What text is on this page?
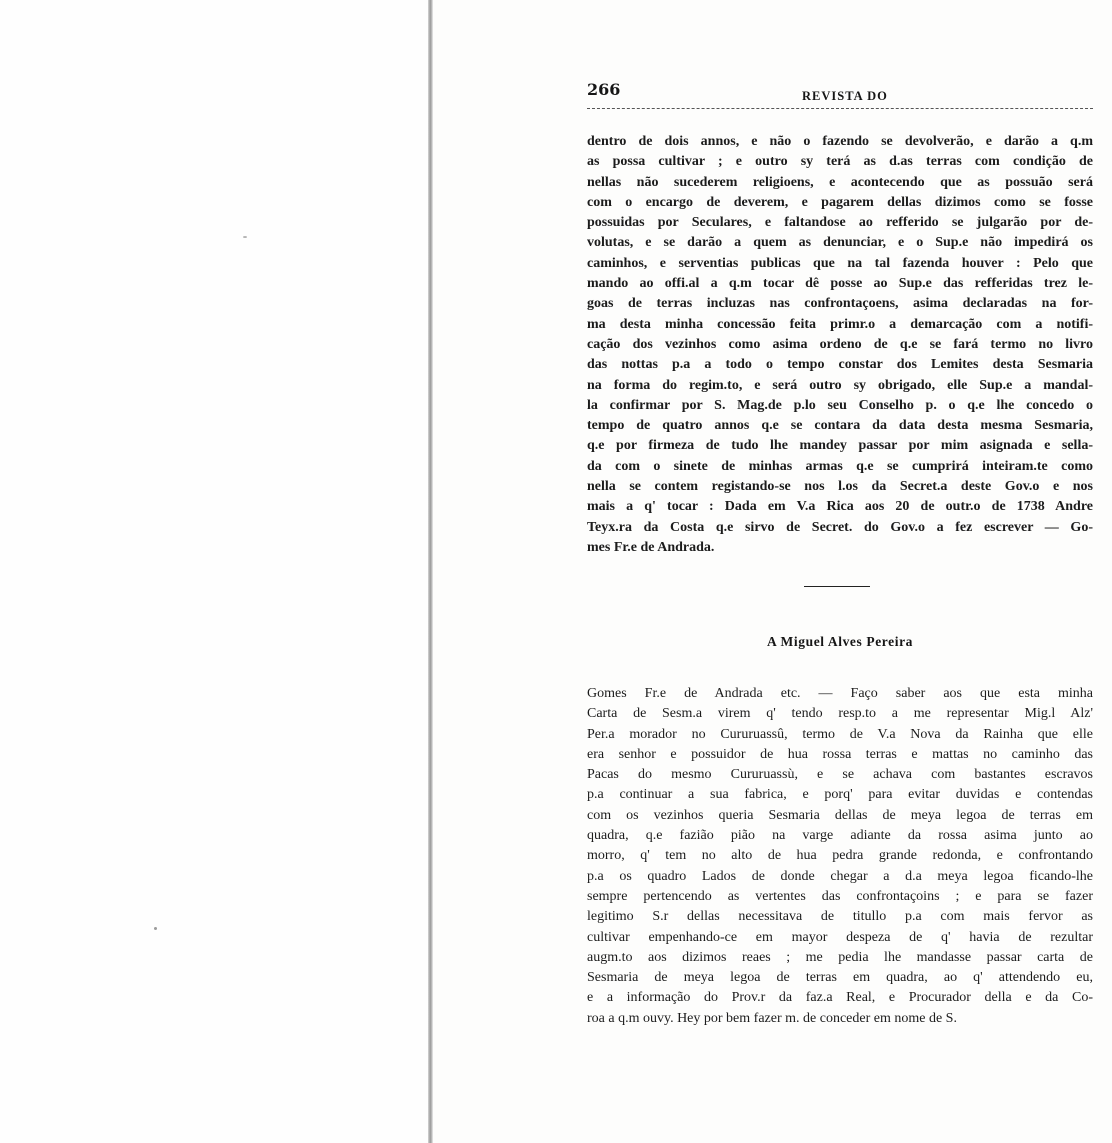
266	REVISTA DO
dentro de dois annos, e não o fazendo se devolverão, e darão a q.m
as possa cultivar ; e outro sy terá as d.as terras com condição de
nellas não sucederem religioens, e acontecendo que as possuão será
com o encargo de deverem, e pagarem dellas dizimos como se fosse
possuidas por Seculares, e faltandose ao refferido se julgarão por de-
volutas, e se darão a quem as denunciar, e o Sup.e não impedirá os
caminhos, e serventias publicas que na tal fazenda houver : Pelo que
mando ao offi.al a q.m tocar dê posse ao Sup.e das refferidas trez le-
goas de terras incluzas nas confrontaçoens, asima declaradas na for-
ma desta minha concessão feita primr.o a demarcação com a notifi-
cação dos vezinhos como asima ordeno de q.e se fará termo no livro
das nottas p.a a todo o tempo constar dos Lemites desta Sesmaria
na forma do regim.to, e será outro sy obrigado, elle Sup.e a mandal-
la confirmar por S. Mag.de p.lo seu Conselho p. o q.e lhe concedo o
tempo de quatro annos q.e se contara da data desta mesma Sesmaria,
q.e por firmeza de tudo lhe mandey passar por mim asignada e sella-
da com o sinete de minhas armas q.e se cumprirá inteiram.te como
nella se contem registando-se nos l.os da Secret.a deste Gov.o e nos
mais a q' tocar : Dada em V.a Rica aos 20 de outr.o de 1738 Andre
Teyx.ra da Costa q.e sirvo de Secret. do Gov.o a fez escrever — Go-
mes Fr.e de Andrada.
A Miguel Alves Pereira
Gomes Fr.e de Andrada etc. — Faço saber aos que esta minha
Carta de Sesm.a virem q' tendo resp.to a me representar Mig.l Alz'
Per.a morador no Cururuassû, termo de V.a Nova da Rainha que elle
era senhor e possuidor de hua rossa terras e mattas no caminho das
Pacas do mesmo Cururuassù, e se achava com bastantes escravos
p.a continuar a sua fabrica, e porq' para evitar duvidas e contendas
com os vezinhos queria Sesmaria dellas de meya legoa de terras em
quadra, q.e fazião pião na varge adiante da rossa asima junto ao
morro, q' tem no alto de hua pedra grande redonda, e confrontando
p.a os quadro Lados de donde chegar a d.a meya legoa ficando-lhe
sempre pertencendo as vertentes das confrontaçoins ; e para se fazer
legitimo S.r dellas necessitava de titullo p.a com mais fervor as
cultivar empenhando-ce em mayor despeza de q' havia de rezultar
augm.to aos dizimos reaes ; me pedia lhe mandasse passar carta de
Sesmaria de meya legoa de terras em quadra, ao q' attendendo eu,
e a informação do Prov.r da faz.a Real, e Procurador della e da Co-
roa a q.m ouvy. Hey por bem fazer m. de conceder em nome de S.
